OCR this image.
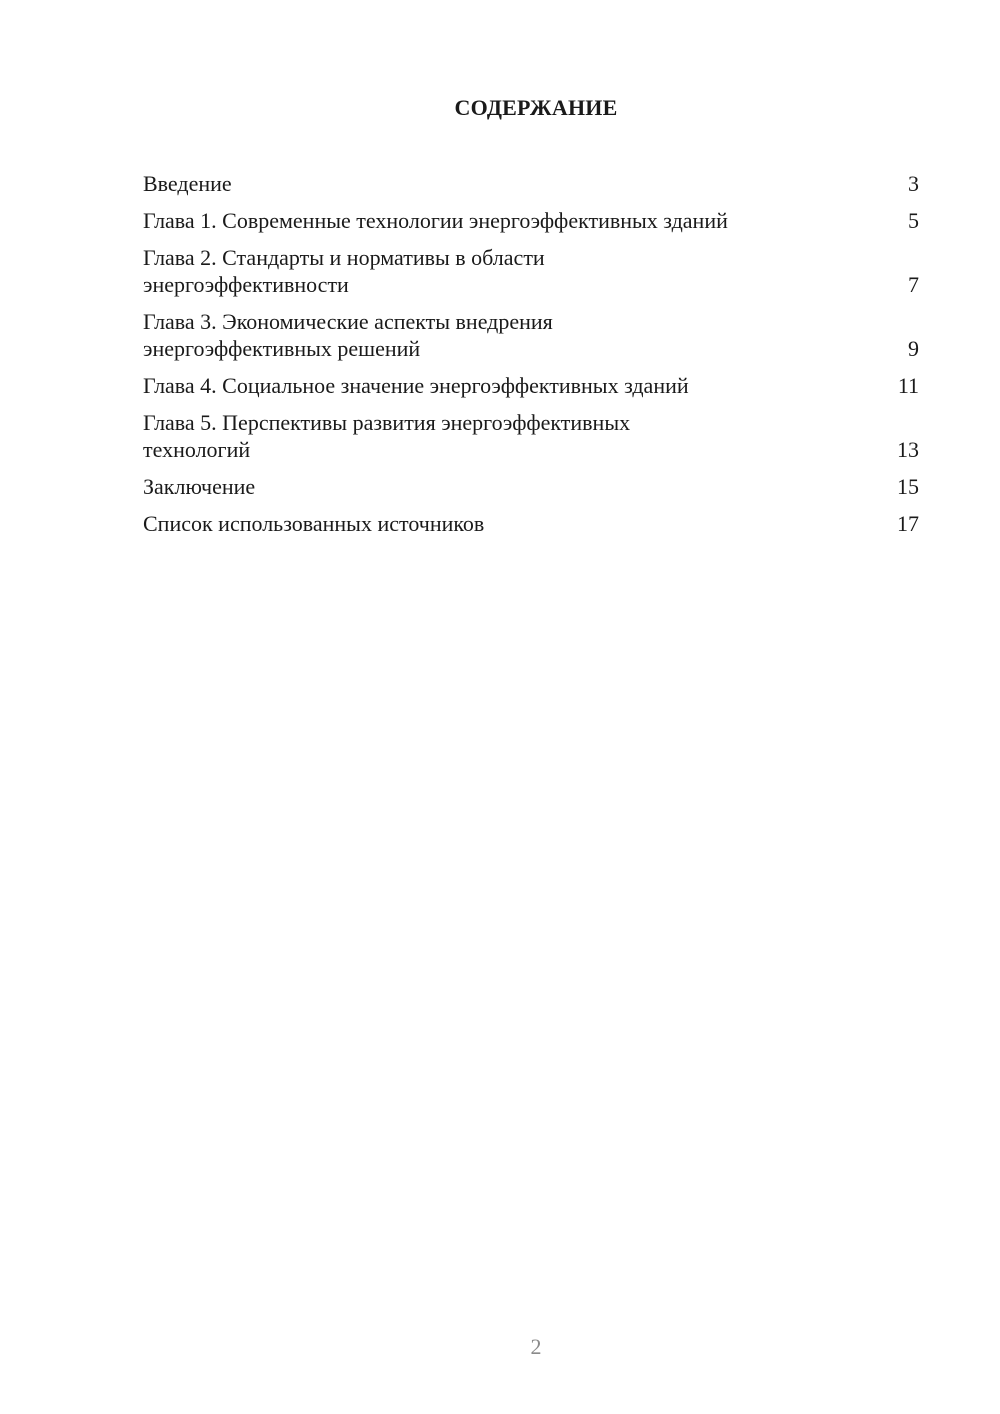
СОДЕРЖАНИЕ
Введение	3
Глава 1. Современные технологии энергоэффективных зданий	5
Глава 2. Стандарты и нормативы в области энергоэффективности	7
Глава 3. Экономические аспекты внедрения энергоэффективных решений	9
Глава 4. Социальное значение энергоэффективных зданий	11
Глава 5. Перспективы развития энергоэффективных технологий	13
Заключение	15
Список использованных источников	17
2
